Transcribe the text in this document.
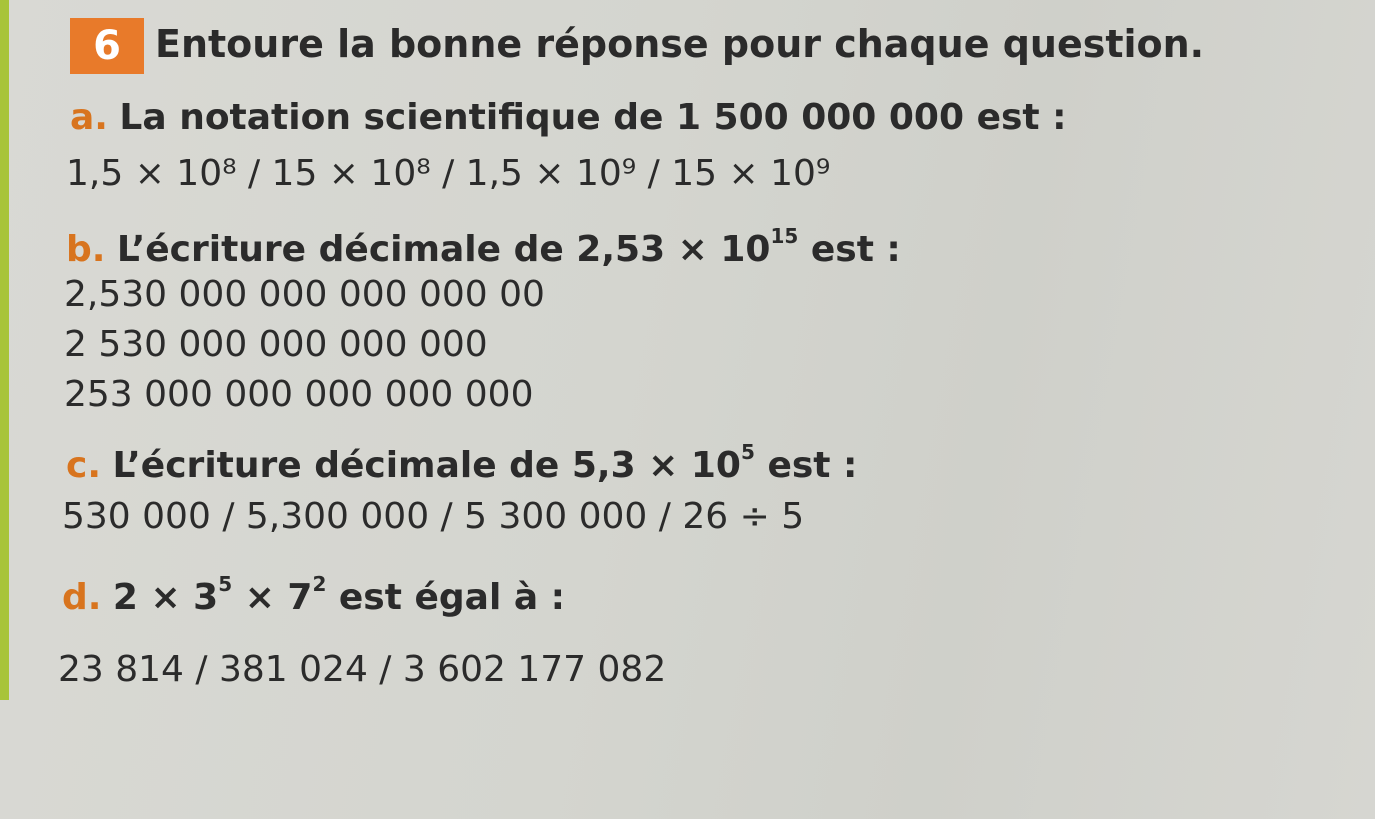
6 Entoure la bonne réponse pour chaque question.
a. La notation scientifique de 1 500 000 000 est :
1,5 × 10⁸ / 15 × 10⁸ / 1,5 × 10⁹ / 15 × 10⁹
b. L’écriture décimale de $2,53 \times 10^{15}$ est :
2,530 000 000 000 000 00
2 530 000 000 000 000
253 000 000 000 000 000
c. L’écriture décimale de $5,3 \times 10^5$ est :
530 000 / 5,300 000 / 5 300 000 / 26 ÷ 5
d. $2 \times 3^5 \times 7^2$ est égal à :
23 814 / 381 024 / 3 602 177 082
